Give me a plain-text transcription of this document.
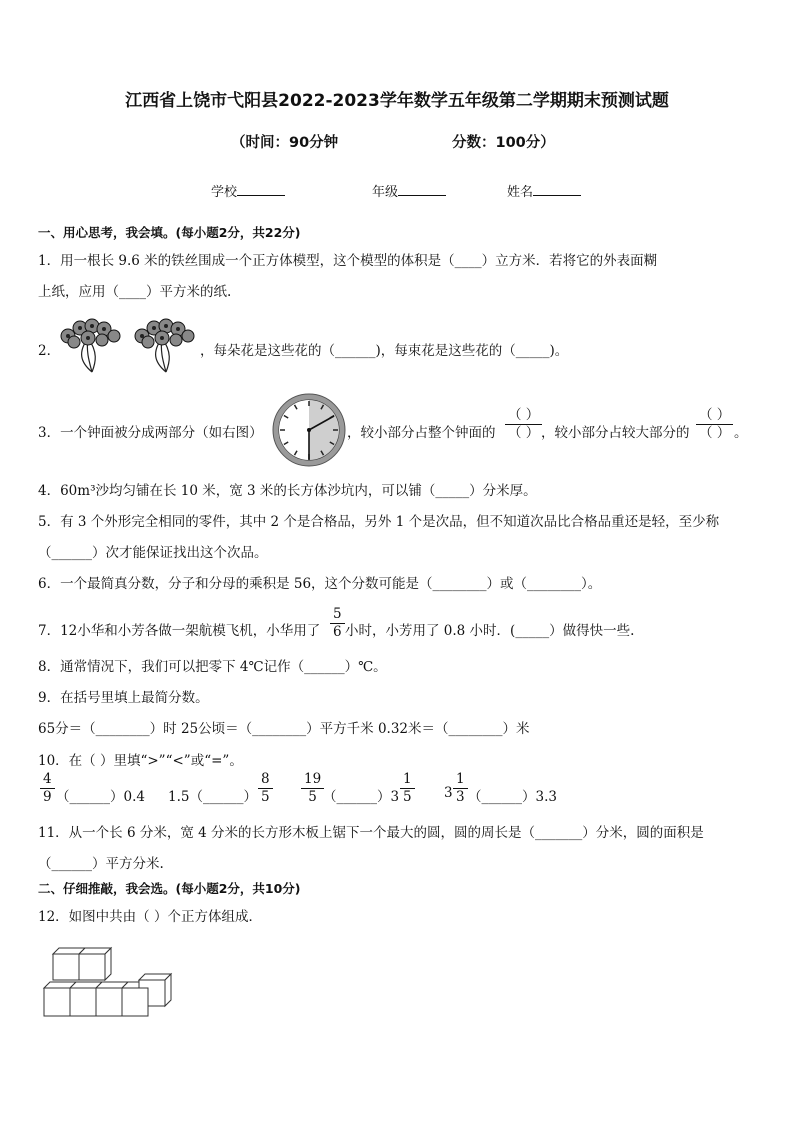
江西省上饶市弋阳县2022-2023学年数学五年级第二学期期末预测试题
（时间：90分钟	分数：100分）
学校	年级	姓名
一、用心思考，我会填。(每小题2分，共22分)
1．用一根长 9.6 米的铁丝围成一个正方体模型，这个模型的体积是（____）立方米．若将它的外表面糊
上纸，应用（____）平方米的纸.
2．	，每朵花是这些花的（______)，每束花是这些花的（_____)。
3．一个钟面被分成两部分（如右图）	，较小部分占整个钟面的 $\frac{( )}{( )}$
，较小部分占较大部分的 $\frac{( )}{( )}$ 。
4．60m³沙均匀铺在长 10 米，宽 3 米的长方体沙坑内，可以铺（_____）分米厚。
5．有 3 个外形完全相同的零件，其中 2 个是合格品，另外 1 个是次品，但不知道次品比合格品重还是轻，至少称
（______）次才能保证找出这个次品。
6．一个最简真分数，分子和分母的乘积是 56，这个分数可能是（________）或（________）。
7．12小华和小芳各做一架航模飞机，小华用了 $\frac{5}{6}$ 小时，小芳用了 0.8 小时．(_____）做得快一些.
8．通常情况下，我们可以把零下 4℃记作（______）℃。
9．在括号里填上最简分数。
65分＝（________）时 25公顷＝（________）平方千米 0.32米＝（________）米
10．在（ ）里填“>”“<”或“=”。
$\frac{4}{9}$ （______）0.4 1.5（______） $\frac{8}{5} \frac{19}{5}$
（______）3 $\frac{1}{5} 3 \frac{1}{3}$ （______）3.3
11．从一个长 6 分米，宽 4 分米的长方形木板上锯下一个最大的圆，圆的周长是（_______）分米，圆的面积是
（______）平方分米.
二、仔细推敲，我会选。(每小题2分，共10分)
12．如图中共由（ ）个正方体组成．
